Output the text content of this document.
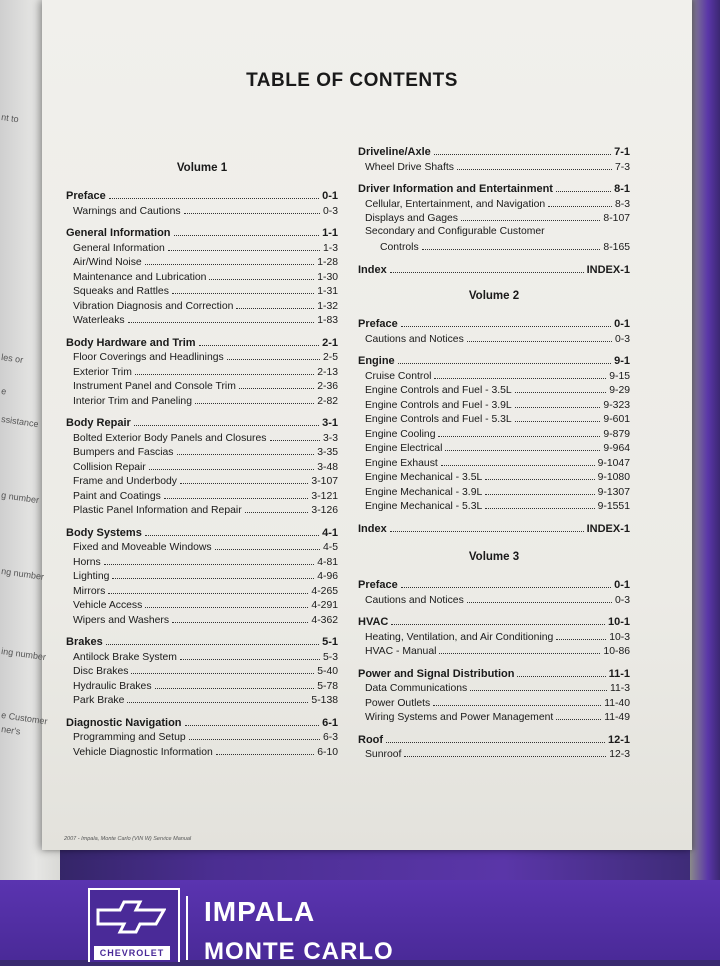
TABLE OF CONTENTS
Volume 1
Preface	0-1
Warnings and Cautions	0-3
General Information	1-1
General Information	1-3
Air/Wind Noise	1-28
Maintenance and Lubrication	1-30
Squeaks and Rattles	1-31
Vibration Diagnosis and Correction	1-32
Waterleaks	1-83
Body Hardware and Trim	2-1
Floor Coverings and Headlinings	2-5
Exterior Trim	2-13
Instrument Panel and Console Trim	2-36
Interior Trim and Paneling	2-82
Body Repair	3-1
Bolted Exterior Body Panels and Closures	3-3
Bumpers and Fascias	3-35
Collision Repair	3-48
Frame and Underbody	3-107
Paint and Coatings	3-121
Plastic Panel Information and Repair	3-126
Body Systems	4-1
Fixed and Moveable Windows	4-5
Horns	4-81
Lighting	4-96
Mirrors	4-265
Vehicle Access	4-291
Wipers and Washers	4-362
Brakes	5-1
Antilock Brake System	5-3
Disc Brakes	5-40
Hydraulic Brakes	5-78
Park Brake	5-138
Diagnostic Navigation	6-1
Programming and Setup	6-3
Vehicle Diagnostic Information	6-10
Driveline/Axle	7-1
Wheel Drive Shafts	7-3
Driver Information and Entertainment	8-1
Cellular, Entertainment, and Navigation	8-3
Displays and Gages	8-107
Secondary and Configurable Customer
Controls	8-165
Index	INDEX-1
Volume 2
Preface	0-1
Cautions and Notices	0-3
Engine	9-1
Cruise Control	9-15
Engine Controls and Fuel - 3.5L	9-29
Engine Controls and Fuel - 3.9L	9-323
Engine Controls and Fuel - 5.3L	9-601
Engine Cooling	9-879
Engine Electrical	9-964
Engine Exhaust	9-1047
Engine Mechanical - 3.5L	9-1080
Engine Mechanical - 3.9L	9-1307
Engine Mechanical - 5.3L	9-1551
Index	INDEX-1
Volume 3
Preface	0-1
Cautions and Notices	0-3
HVAC	10-1
Heating, Ventilation, and Air Conditioning	10-3
HVAC - Manual	10-86
Power and Signal Distribution	11-1
Data Communications	11-3
Power Outlets	11-40
Wiring Systems and Power Management	11-49
Roof	12-1
Sunroof	12-3
2007 - Impala, Monte Carlo (VIN W) Service Manual
nt to
les or
e
ssistance
g number
ng number
ing number
e Customer
ner's
CHEVROLET
IMPALA
MONTE CARLO
